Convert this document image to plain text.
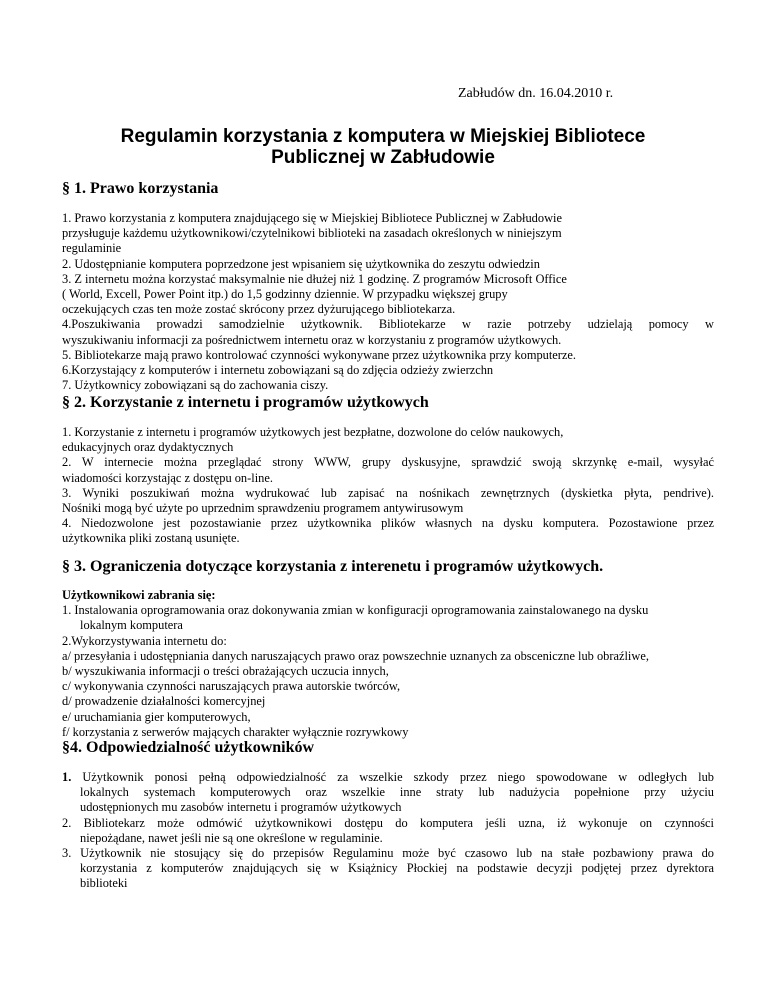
Zabłudów dn. 16.04.2010 r.
Regulamin korzystania z komputera w Miejskiej Bibliotece
Publicznej w Zabłudowie
§ 1. Prawo korzystania
1. Prawo korzystania z komputera znajdującego się w Miejskiej Bibliotece Publicznej w Zabłudowie
przysługuje każdemu użytkownikowi/czytelnikowi biblioteki na zasadach określonych w niniejszym
regulaminie
2. Udostępnianie komputera poprzedzone jest wpisaniem się użytkownika do zeszytu odwiedzin
3. Z internetu można korzystać maksymalnie nie dłużej niż 1 godzinę. Z programów Microsoft Office
( World, Excell, Power Point itp.) do 1,5 godzinny dziennie. W przypadku większej grupy
oczekujących czas ten może zostać skrócony przez dyżurującego bibliotekarza.
4.Poszukiwania prowadzi samodzielnie użytkownik. Bibliotekarze w razie potrzeby udzielają pomocy w
wyszukiwaniu informacji za pośrednictwem internetu oraz w korzystaniu z programów użytkowych.
5. Bibliotekarze mają prawo kontrolować czynności wykonywane przez użytkownika przy komputerze.
6.Korzystający z komputerów i internetu zobowiązani są do zdjęcia odzieży zwierzchn
7. Użytkownicy zobowiązani są do zachowania ciszy.
§ 2. Korzystanie z internetu i programów użytkowych
1. Korzystanie z internetu i programów użytkowych jest bezpłatne, dozwolone do celów naukowych,
edukacyjnych oraz dydaktycznych
2. W internecie można przeglądać strony WWW, grupy dyskusyjne, sprawdzić swoją skrzynkę e-mail, wysyłać
wiadomości korzystając z dostępu on-line.
3. Wyniki poszukiwań można wydrukować lub zapisać na nośnikach zewnętrznych (dyskietka płyta, pendrive).
Nośniki mogą być użyte po uprzednim sprawdzeniu programem antywirusowym
4. Niedozwolone jest pozostawianie przez użytkownika plików własnych na dysku komputera. Pozostawione przez
użytkownika pliki zostaną usunięte.
§ 3. Ograniczenia dotyczące korzystania z interenetu i programów użytkowych.
Użytkownikowi zabrania się:
1. Instalowania oprogramowania oraz dokonywania zmian w konfiguracji oprogramowania zainstalowanego na dysku
lokalnym komputera
2.Wykorzystywania internetu do:
a/ przesyłania i udostępniania danych naruszających prawo oraz powszechnie uznanych za obsceniczne lub obraźliwe,
b/ wyszukiwania informacji o treści obrażających uczucia innych,
c/ wykonywania czynności naruszających prawa autorskie twórców,
d/ prowadzenie działalności komercyjnej
e/ uruchamiania gier komputerowych,
f/ korzystania z serwerów mających charakter wyłącznie rozrywkowy
§4. Odpowiedzialność użytkowników
1. Użytkownik ponosi pełną odpowiedzialność za wszelkie szkody przez niego spowodowane w odległych lub
lokalnych systemach komputerowych oraz wszelkie inne straty lub nadużycia popełnione przy użyciu
udostępnionych mu zasobów internetu i programów użytkowych
2. Bibliotekarz może odmówić użytkownikowi dostępu do komputera jeśli uzna, iż wykonuje on czynności
niepożądane, nawet jeśli nie są one określone w regulaminie.
3. Użytkownik nie stosujący się do przepisów Regulaminu może być czasowo lub na stałe pozbawiony prawa do
korzystania z komputerów znajdujących się w Książnicy Płockiej na podstawie decyzji podjętej przez dyrektora
biblioteki
